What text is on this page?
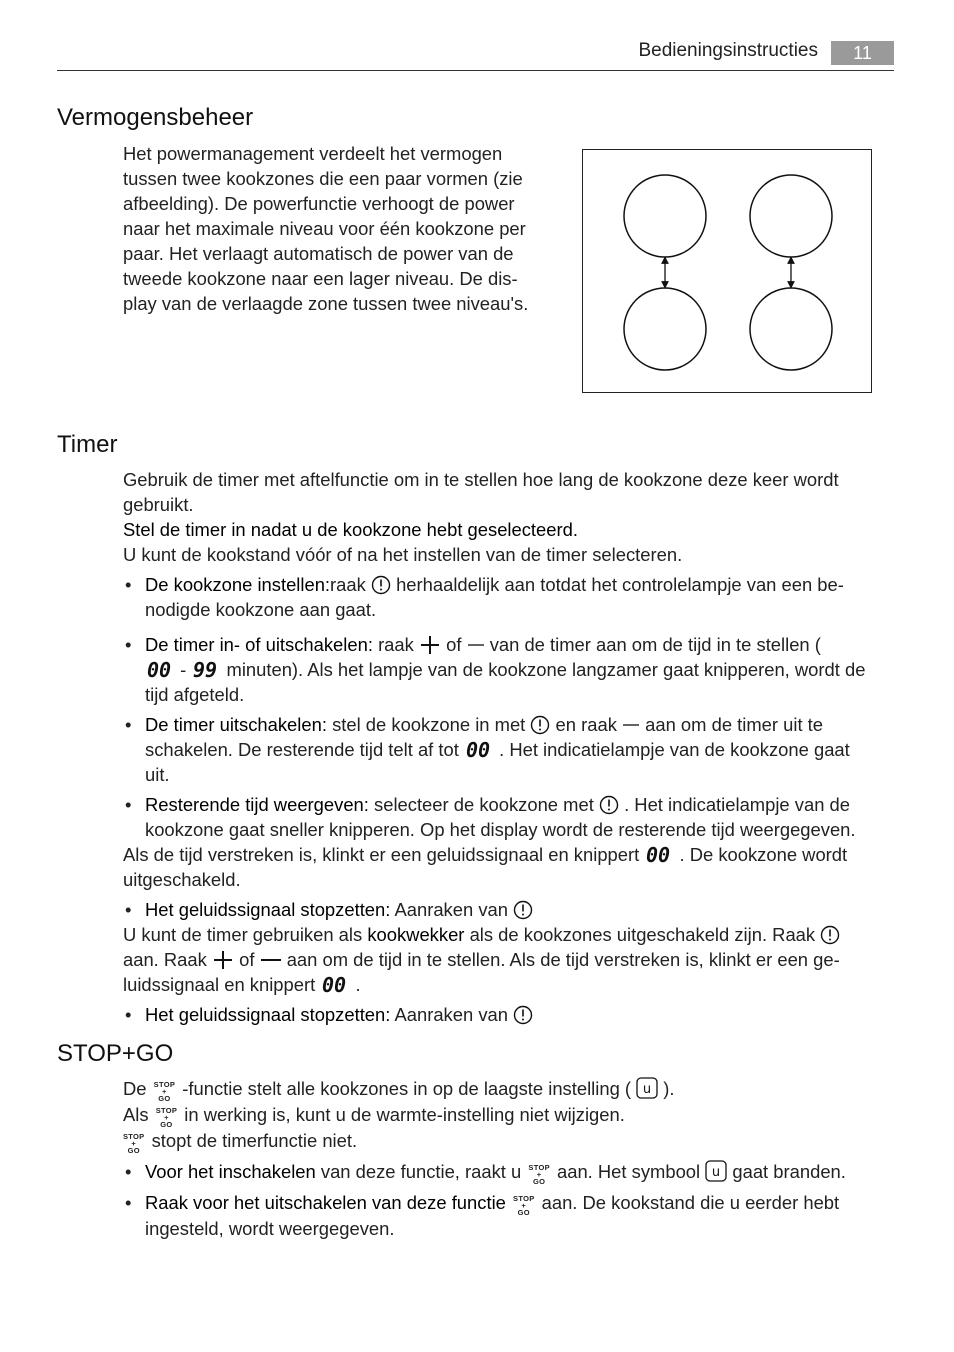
Bedieningsinstructies	11
Vermogensbeheer

Het powermanagement verdeelt het vermogen

tussen twee kookzones die een paar vormen (zie

afbeelding). De powerfunctie verhoogt de power

naar het maximale niveau voor één kookzone per

paar. Het verlaagt automatisch de power van de

tweede kookzone naar een lager niveau. De dis-

play van de verlaagde zone tussen twee niveau's.

Timer

Gebruik de timer met aftelfunctie om in te stellen hoe lang de kookzone deze keer wordt

gebruikt.

Stel de timer in nadat u de kookzone hebt geselecteerd.

U kunt de kookstand vóór of na het instellen van de timer selecteren.

• De kookzone instellen:raak herhaaldelijk aan totdat het controlelampje van een be-
nodigde kookzone aan gaat.

• De timer in- of uitschakelen: raak of van de timer aan om de tijd in te stellen (

00 - 99 minuten). Als het lampje van de kookzone langzamer gaat knipperen, wordt de
tijd afgeteld.

• De timer uitschakelen: stel de kookzone in met en raak aan om de timer uit te
schakelen. De resterende tijd telt af tot 00 . Het indicatielampje van de kookzone gaat
uit.

• Resterende tijd weergeven: selecteer de kookzone met . Het indicatielampje van de
kookzone gaat sneller knipperen. Op het display wordt de resterende tijd weergegeven.

Als de tijd verstreken is, klinkt er een geluidssignaal en knippert 00 . De kookzone wordt

uitgeschakeld.

• Het geluidssignaal stopzetten: Aanraken van

U kunt de timer gebruiken als kookwekker als de kookzones uitgeschakeld zijn. Raak

aan. Raak of aan om de tijd in te stellen. Als de tijd verstreken is, klinkt er een ge-

luidssignaal en knippert 00 .

• Het geluidssignaal stopzetten: Aanraken van

STOP+GO

De STOP
+
GO -functie stelt alle kookzones in op de laagste instelling ( u ).

Als STOP
+
GO in werking is, kunt u de warmte-instelling niet wijzigen.

STOP
+
GO stopt de timerfunctie niet.

• Voor het inschakelen van deze functie, raakt u STOP
+
GO aan. Het symbool u gaat branden.

• Raak voor het uitschakelen van deze functie STOP
+
GO aan. De kookstand die u eerder hebt
ingesteld, wordt weergegeven.
